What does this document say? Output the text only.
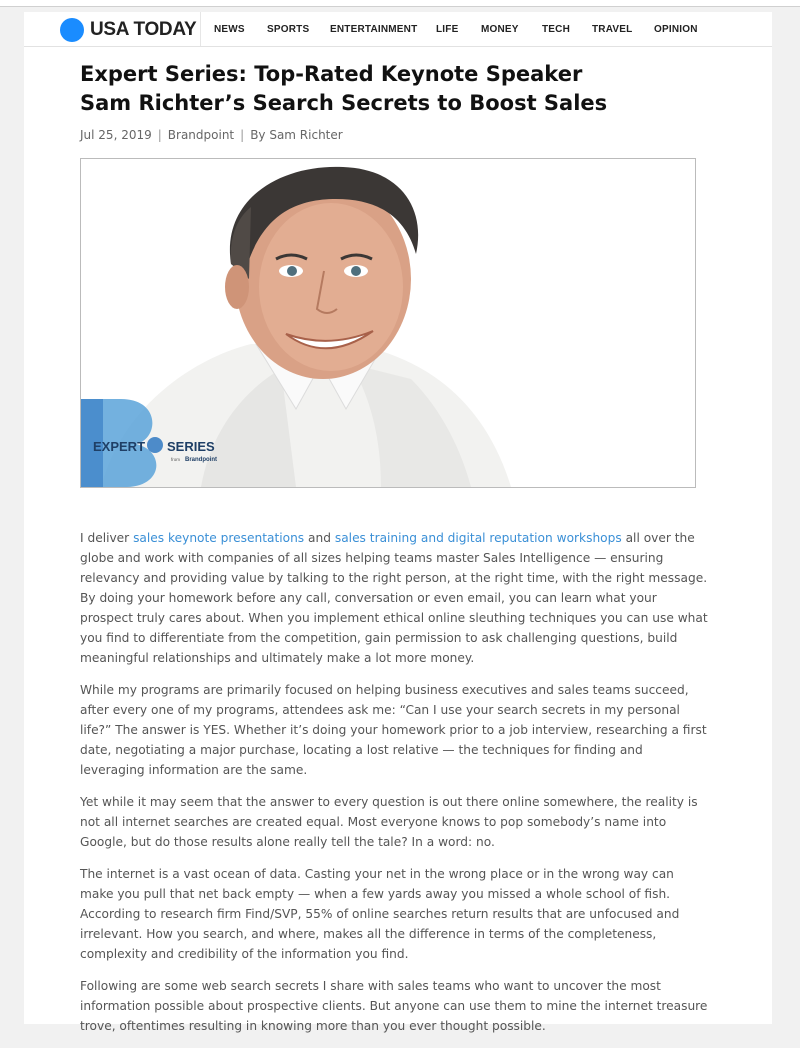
USA TODAY NEWS SPORTS ENTERTAINMENT LIFE MONEY TECH TRAVEL OPINION
Expert Series: Top-Rated Keynote Speaker
Sam Richter’s Search Secrets to Boost Sales
Jul 25, 2019 | Brandpoint | By Sam Richter
EXPERT SERIES
from Brandpoint

I deliver sales keynote presentations and sales training and digital reputation workshops all over the globe and work with companies of all sizes helping teams master Sales Intelligence — ensuring relevancy and providing value by talking to the right person, at the right time, with the right message. By doing your homework before any call, conversation or even email, you can learn what your prospect truly cares about. When you implement ethical online sleuthing techniques you can use what you find to differentiate from the competition, gain permission to ask challenging questions, build meaningful relationships and ultimately make a lot more money.

While my programs are primarily focused on helping business executives and sales teams succeed, after every one of my programs, attendees ask me: “Can I use your search secrets in my personal life?” The answer is YES. Whether it’s doing your homework prior to a job interview, researching a first date, negotiating a major purchase, locating a lost relative — the techniques for finding and leveraging information are the same.

Yet while it may seem that the answer to every question is out there online somewhere, the reality is not all internet searches are created equal. Most everyone knows to pop somebody’s name into Google, but do those results alone really tell the tale? In a word: no.

The internet is a vast ocean of data. Casting your net in the wrong place or in the wrong way can make you pull that net back empty — when a few yards away you missed a whole school of fish. According to research firm Find/SVP, 55% of online searches return results that are unfocused and irrelevant. How you search, and where, makes all the difference in terms of the completeness, complexity and credibility of the information you find.

Following are some web search secrets I share with sales teams who want to uncover the most information possible about prospective clients. But anyone can use them to mine the internet treasure trove, oftentimes resulting in knowing more than you ever thought possible.
